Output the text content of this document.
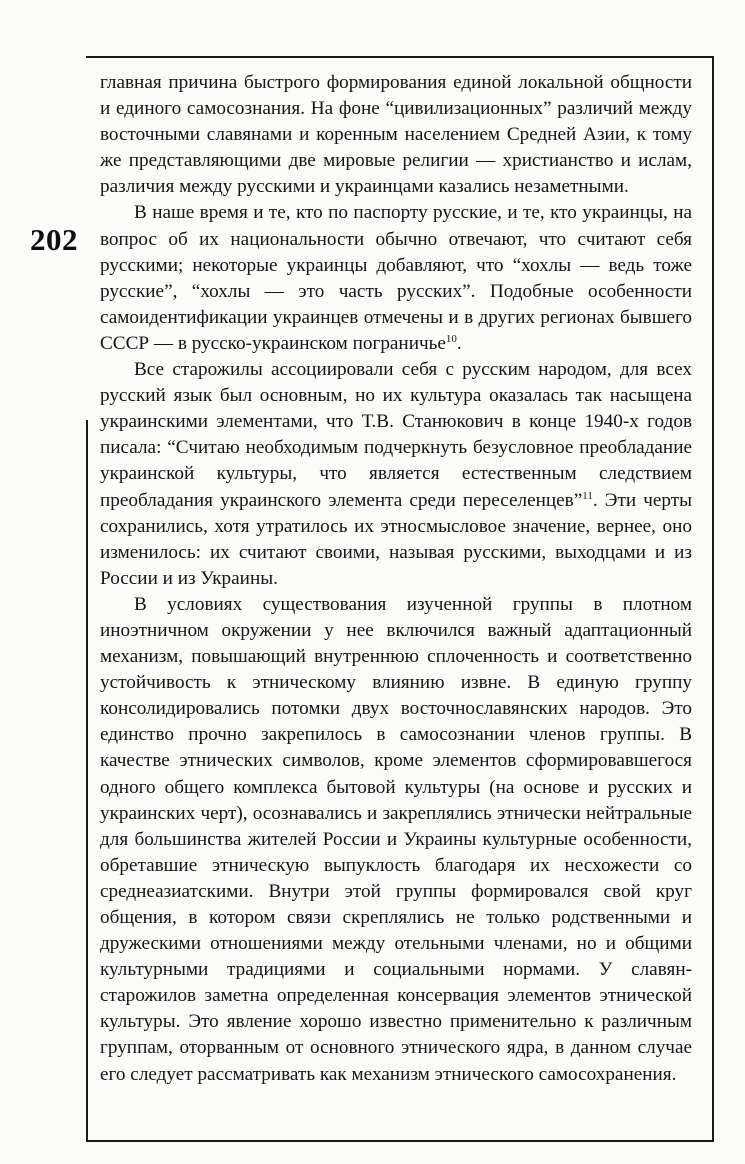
202

главная причина быстрого формирования единой локальной общности и единого самосознания. На фоне “цивилизационных” различий между восточными славянами и коренным населением Средней Азии, к тому же представляющими две мировые религии — христианство и ислам, различия между русскими и украинцами казались незаметными.

В наше время и те, кто по паспорту русские, и те, кто украинцы, на вопрос об их национальности обычно отвечают, что считают себя русскими; некоторые украинцы добавляют, что “хохлы — ведь тоже русские”, “хохлы — это часть русских”. Подобные особенности самоидентификации украинцев отмечены и в других регионах бывшего СССР — в русско-украинском пограничье$^{10}$.

Все старожилы ассоциировали себя с русским народом, для всех русский язык был основным, но их культура оказалась так насыщена украинскими элементами, что Т.В. Станюкович в конце 1940-х годов писала: “Считаю необходимым подчеркнуть безусловное преобладание украинской культуры, что является естественным следствием преобладания украинского элемента среди переселенцев”$^{11}$. Эти черты сохранились, хотя утратилось их этносмысловое значение, вернее, оно изменилось: их считают своими, называя русскими, выходцами и из России и из Украины.

В условиях существования изученной группы в плотном иноэтничном окружении у нее включился важный адаптационный механизм, повышающий внутреннюю сплоченность и соответственно устойчивость к этническому влиянию извне. В единую группу консолидировались потомки двух восточнославянских народов. Это единство прочно закрепилось в самосознании членов группы. В качестве этнических символов, кроме элементов сформировавшегося одного общего комплекса бытовой культуры (на основе и русских и украинских черт), осознавались и закреплялись этнически нейтральные для большинства жителей России и Украины культурные особенности, обретавшие этническую выпуклость благодаря их несхожести со среднеазиатскими. Внутри этой группы формировался свой круг общения, в котором связи скреплялись не только родственными и дружескими отношениями между отельными членами, но и общими культурными традициями и социальными нормами. У славян-старожилов заметна определенная консервация элементов этнической культуры. Это явление хорошо известно применительно к различным группам, оторванным от основного этнического ядра, в данном случае его следует рассматривать как механизм этнического самосохранения.
